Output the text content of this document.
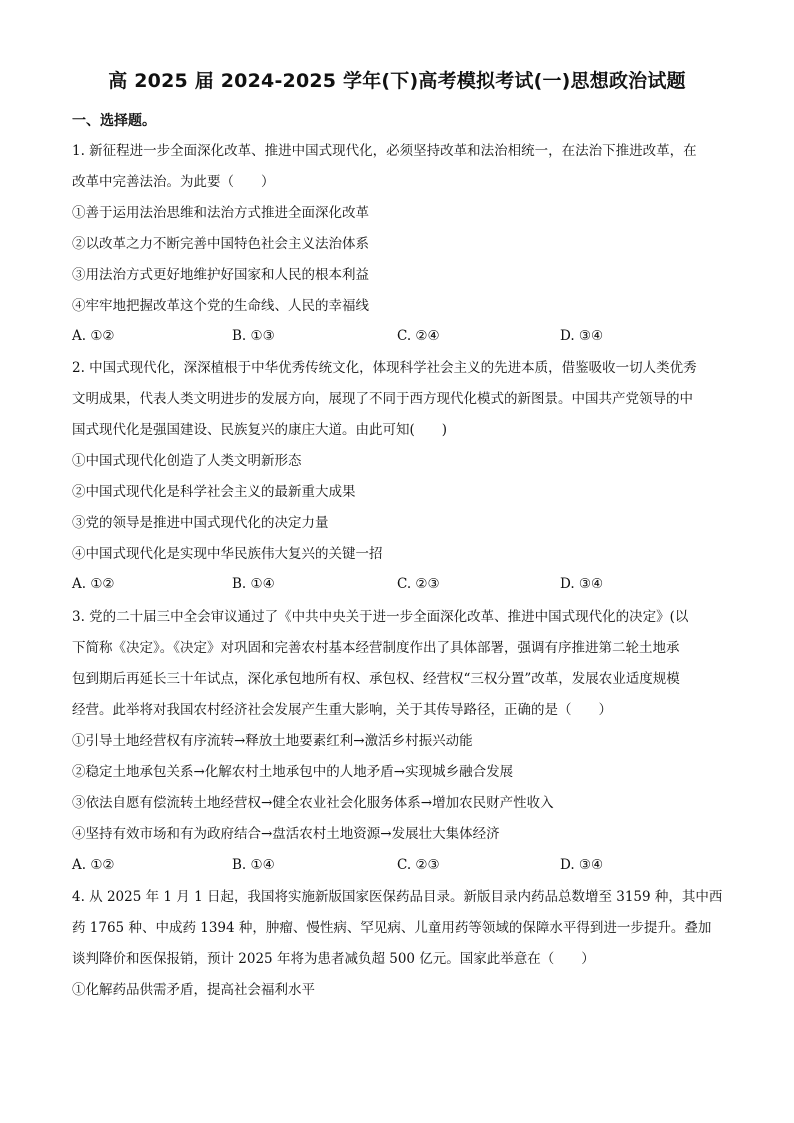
高 2025 届 2024-2025 学年(下)高考模拟考试(一)思想政治试题
一、选择题。
1. 新征程进一步全面深化改革、推进中国式现代化，必须坚持改革和法治相统一，在法治下推进改革，在
改革中完善法治。为此要（　　）
①善于运用法治思维和法治方式推进全面深化改革
②以改革之力不断完善中国特色社会主义法治体系
③用法治方式更好地维护好国家和人民的根本利益
④牢牢地把握改革这个党的生命线、人民的幸福线
A. ①②	B. ①③	C. ②④	D. ③④
2. 中国式现代化，深深植根于中华优秀传统文化，体现科学社会主义的先进本质，借鉴吸收一切人类优秀
文明成果，代表人类文明进步的发展方向，展现了不同于西方现代化模式的新图景。中国共产党领导的中
国式现代化是强国建设、民族复兴的康庄大道。由此可知(　　)
①中国式现代化创造了人类文明新形态
②中国式现代化是科学社会主义的最新重大成果
③党的领导是推进中国式现代化的决定力量
④中国式现代化是实现中华民族伟大复兴的关键一招
A. ①②	B. ①④	C. ②③	D. ③④
3. 党的二十届三中全会审议通过了《中共中央关于进一步全面深化改革、推进中国式现代化的决定》(以
下简称《决定》。《决定》对巩固和完善农村基本经营制度作出了具体部署，强调有序推进第二轮土地承
包到期后再延长三十年试点，深化承包地所有权、承包权、经营权“三权分置”改革，发展农业适度规模
经营。此举将对我国农村经济社会发展产生重大影响，关于其传导路径，正确的是（　　）
①引导土地经营权有序流转→释放土地要素红利→激活乡村振兴动能
②稳定土地承包关系→化解农村土地承包中的人地矛盾→实现城乡融合发展
③依法自愿有偿流转土地经营权→健全农业社会化服务体系→增加农民财产性收入
④坚持有效市场和有为政府结合→盘活农村土地资源→发展壮大集体经济
A. ①②	B. ①④	C. ②③	D. ③④
4. 从 2025 年 1 月 1 日起，我国将实施新版国家医保药品目录。新版目录内药品总数增至 3159 种，其中西
药 1765 种、中成药 1394 种，肿瘤、慢性病、罕见病、儿童用药等领域的保障水平得到进一步提升。叠加
谈判降价和医保报销，预计 2025 年将为患者减负超 500 亿元。国家此举意在（　　）
①化解药品供需矛盾，提高社会福利水平
